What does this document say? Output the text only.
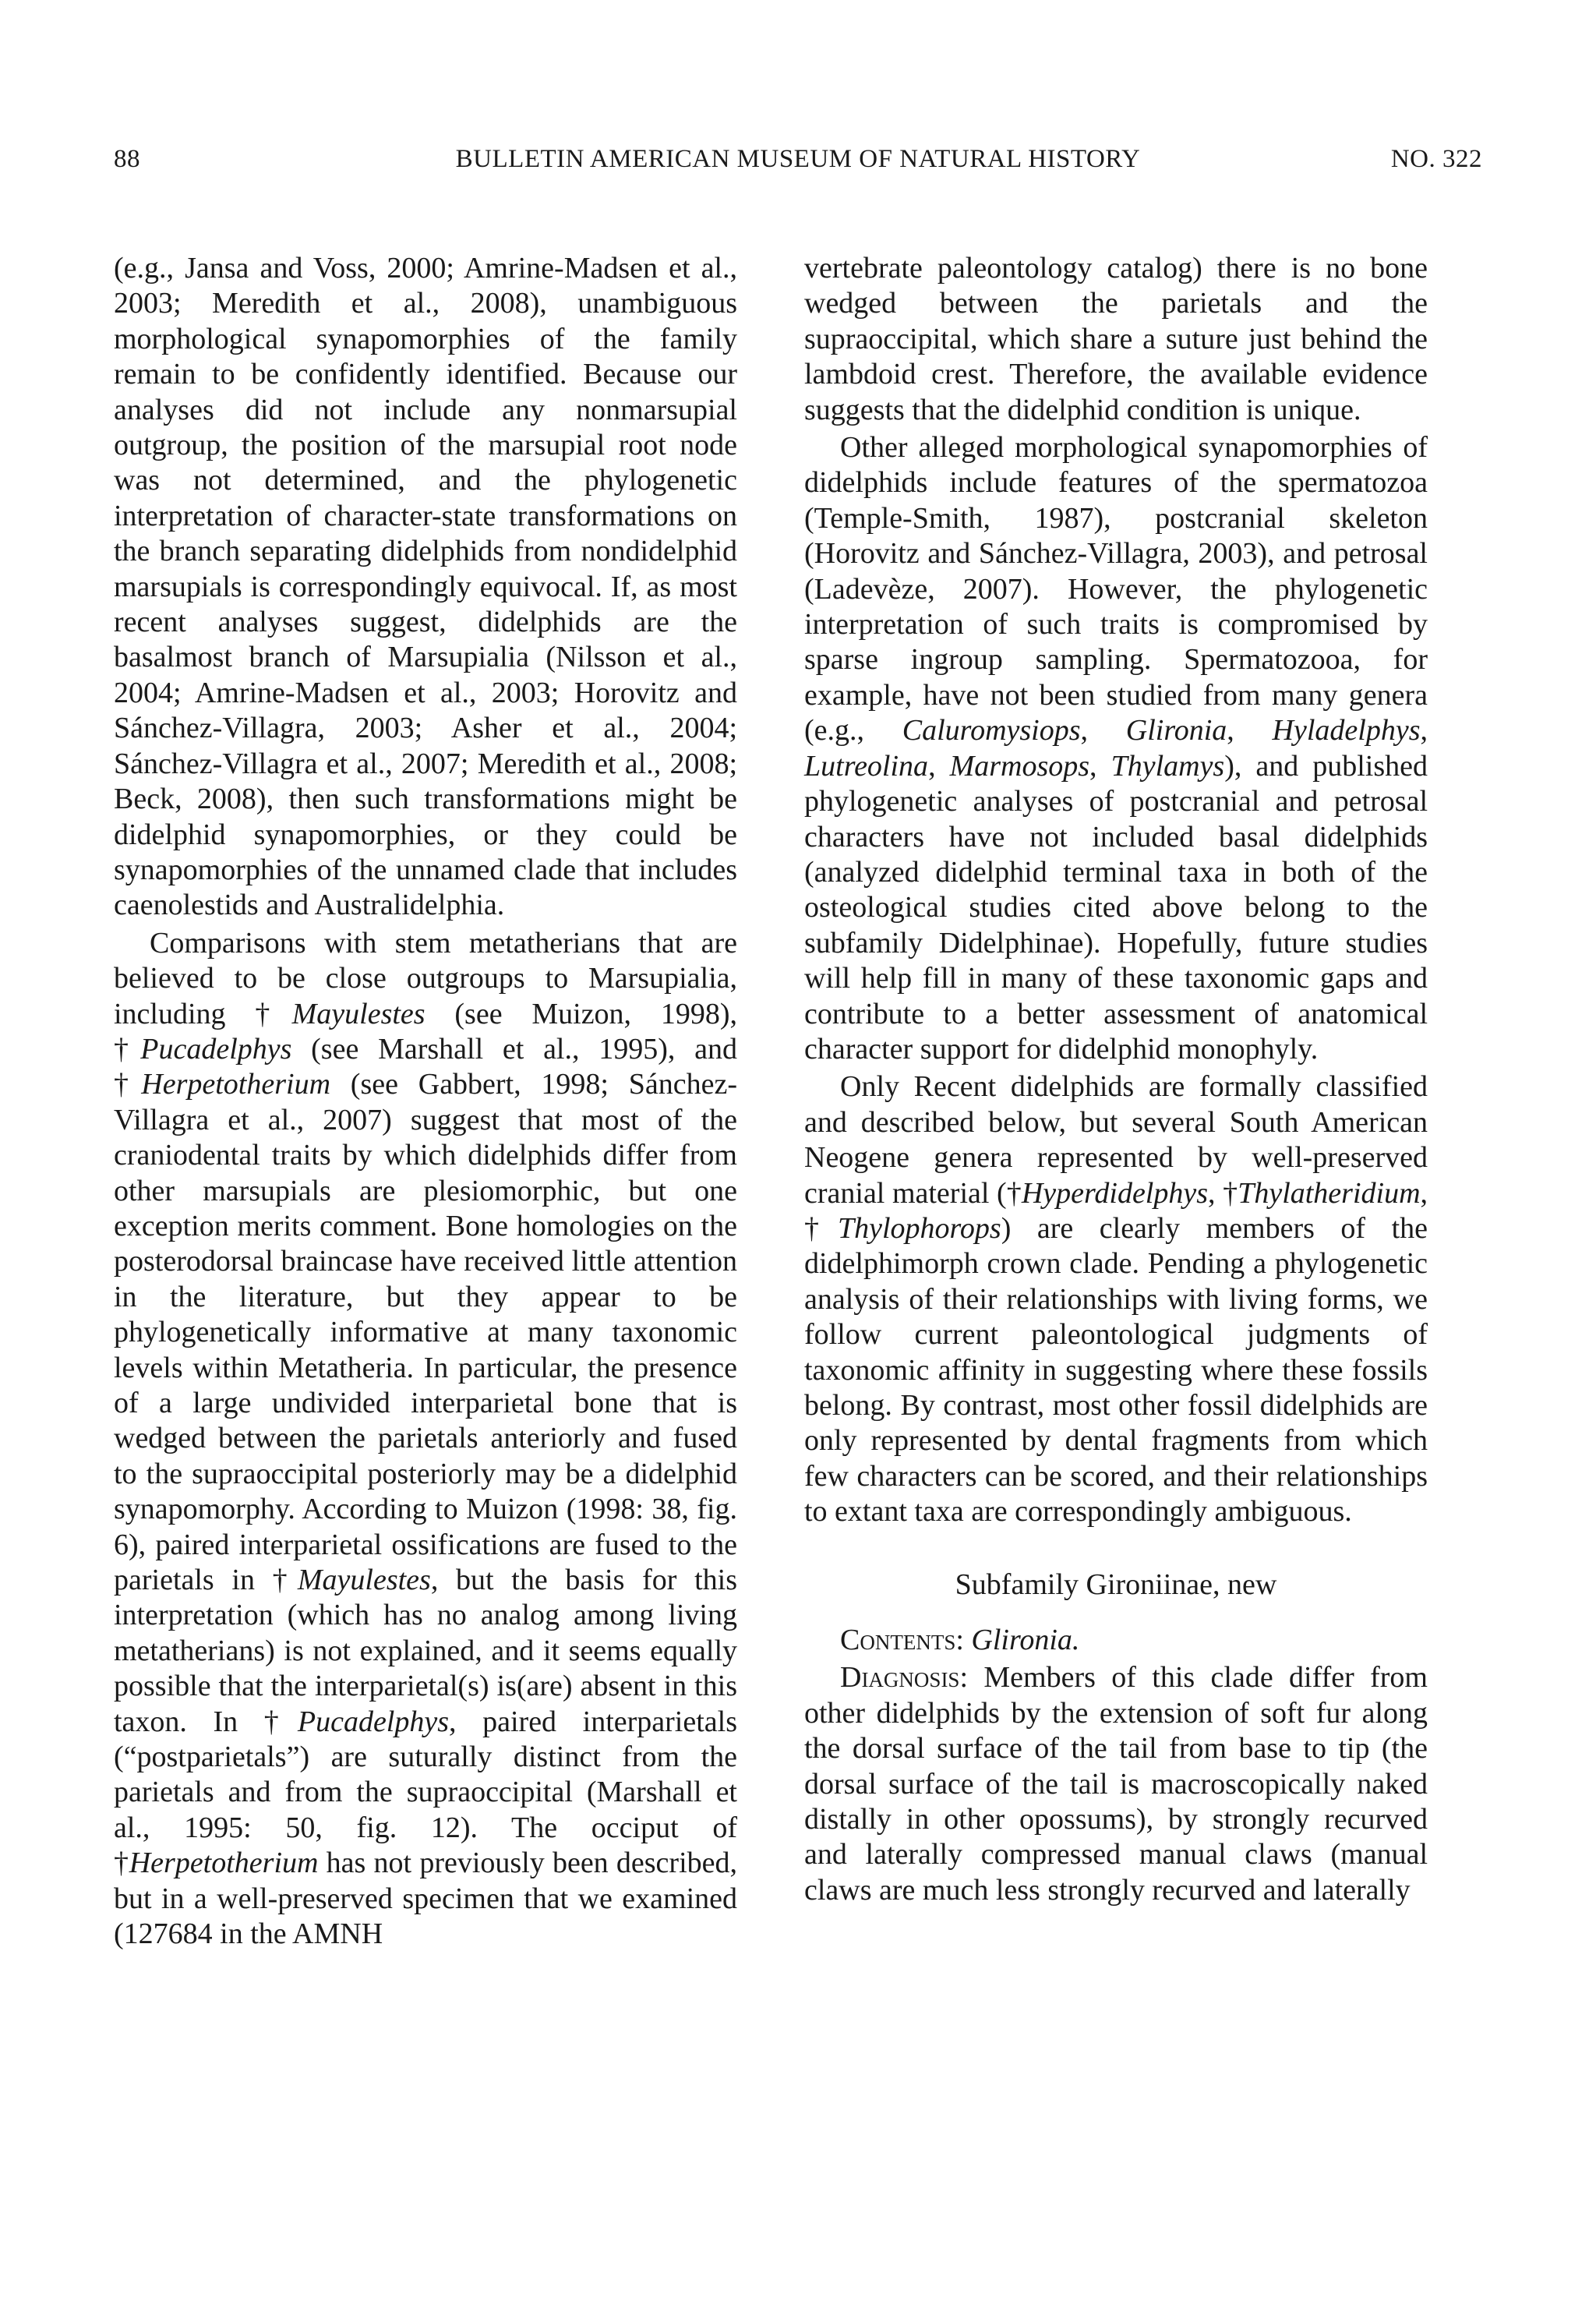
88	BULLETIN AMERICAN MUSEUM OF NATURAL HISTORY	NO. 322

(e.g., Jansa and Voss, 2000; Amrine-Madsen et al., 2003; Meredith et al., 2008), unambiguous morphological synapomorphies of the family remain to be confidently identified. Because our analyses did not include any nonmarsupial outgroup, the position of the marsupial root node was not determined, and the phylogenetic interpretation of character-state transformations on the branch separating didelphids from nondidelphid marsupials is correspondingly equivocal. If, as most recent analyses suggest, didelphids are the basalmost branch of Marsupialia (Nilsson et al., 2004; Amrine-Madsen et al., 2003; Horovitz and Sánchez-Villagra, 2003; Asher et al., 2004; Sánchez-Villagra et al., 2007; Meredith et al., 2008; Beck, 2008), then such transformations might be didelphid synapomorphies, or they could be synapomorphies of the unnamed clade that includes caenolestids and Australidelphia.

Comparisons with stem metatherians that are believed to be close outgroups to Marsupialia, including †Mayulestes (see Muizon, 1998), †Pucadelphys (see Marshall et al., 1995), and †Herpetotherium (see Gabbert, 1998; Sánchez-Villagra et al., 2007) suggest that most of the craniodental traits by which didelphids differ from other marsupials are plesiomorphic, but one exception merits comment. Bone homologies on the posterodorsal braincase have received little attention in the literature, but they appear to be phylogenetically informative at many taxonomic levels within Metatheria. In particular, the presence of a large undivided interparietal bone that is wedged between the parietals anteriorly and fused to the supraoccipital posteriorly may be a didelphid synapomorphy. According to Muizon (1998: 38, fig. 6), paired interparietal ossifications are fused to the parietals in †Mayulestes, but the basis for this interpretation (which has no analog among living metatherians) is not explained, and it seems equally possible that the interparietal(s) is(are) absent in this taxon. In †Pucadelphys, paired interparietals (“postparietals”) are suturally distinct from the parietals and from the supraoccipital (Marshall et al., 1995: 50, fig. 12). The occiput of †Herpetotherium has not previously been described, but in a well-preserved specimen that we examined (127684 in the AMNH

vertebrate paleontology catalog) there is no bone wedged between the parietals and the supraoccipital, which share a suture just behind the lambdoid crest. Therefore, the available evidence suggests that the didelphid condition is unique.

Other alleged morphological synapomorphies of didelphids include features of the spermatozoa (Temple-Smith, 1987), postcranial skeleton (Horovitz and Sánchez-Villagra, 2003), and petrosal (Ladevèze, 2007). However, the phylogenetic interpretation of such traits is compromised by sparse ingroup sampling. Spermatozooa, for example, have not been studied from many genera (e.g., Caluromysiops, Glironia, Hyladelphys, Lutreolina, Marmosops, Thylamys), and published phylogenetic analyses of postcranial and petrosal characters have not included basal didelphids (analyzed didelphid terminal taxa in both of the osteological studies cited above belong to the subfamily Didelphinae). Hopefully, future studies will help fill in many of these taxonomic gaps and contribute to a better assessment of anatomical character support for didelphid monophyly.

Only Recent didelphids are formally classified and described below, but several South American Neogene genera represented by well-preserved cranial material (†Hyperdidelphys, †Thylatheridium, †Thylophorops) are clearly members of the didelphimorph crown clade. Pending a phylogenetic analysis of their relationships with living forms, we follow current paleontological judgments of taxonomic affinity in suggesting where these fossils belong. By contrast, most other fossil didelphids are only represented by dental fragments from which few characters can be scored, and their relationships to extant taxa are correspondingly ambiguous.

Subfamily Gironiinae, new

Contents: Glironia.

Diagnosis: Members of this clade differ from other didelphids by the extension of soft fur along the dorsal surface of the tail from base to tip (the dorsal surface of the tail is macroscopically naked distally in other opossums), by strongly recurved and laterally compressed manual claws (manual claws are much less strongly recurved and laterally
